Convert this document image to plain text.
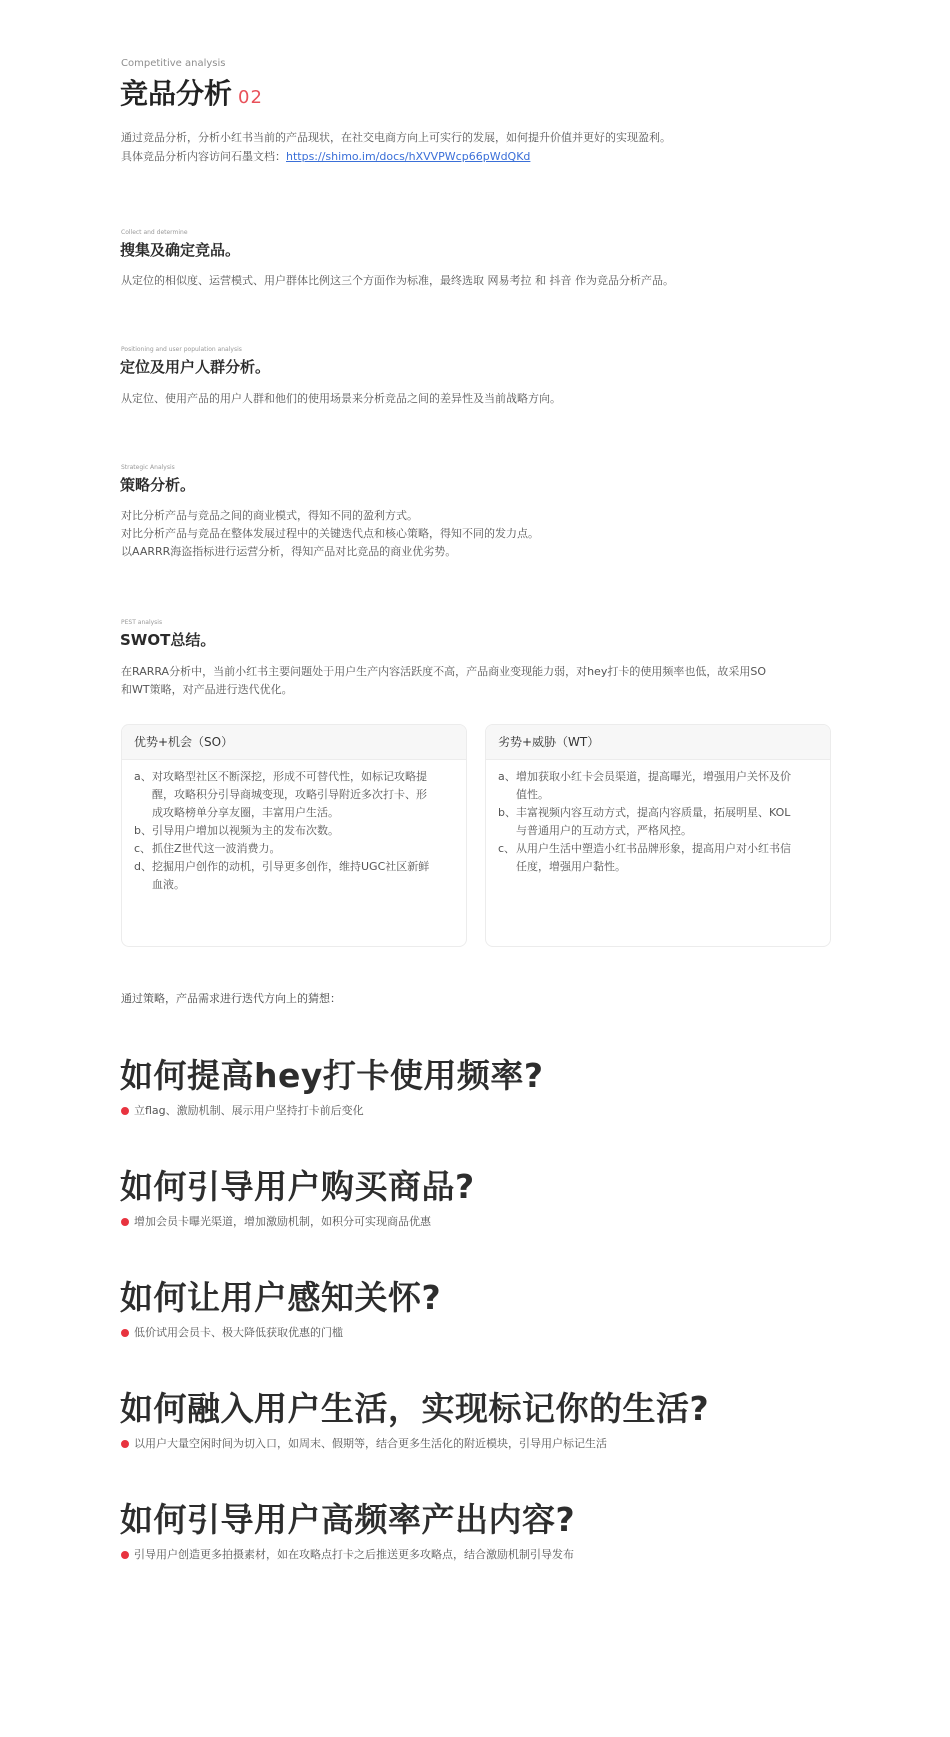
Competitive analysis
竞品分析 02
通过竞品分析，分析小红书当前的产品现状，在社交电商方向上可实行的发展，如何提升价值并更好的实现盈利。
具体竞品分析内容访问石墨文档：https://shimo.im/docs/hXVVPWcp66pWdQKd
Collect and determine
搜集及确定竞品。
从定位的相似度、运营模式、用户群体比例这三个方面作为标准，最终选取 网易考拉 和 抖音 作为竞品分析产品。
Positioning and user population analysis
定位及用户人群分析。
从定位、使用产品的用户人群和他们的使用场景来分析竞品之间的差异性及当前战略方向。
Strategic Analysis
策略分析。
对比分析产品与竞品之间的商业模式，得知不同的盈利方式。
对比分析产品与竞品在整体发展过程中的关键迭代点和核心策略，得知不同的发力点。
以AARRR海盗指标进行运营分析，得知产品对比竞品的商业优劣势。
PEST analysis
SWOT总结。
在RARRA分析中，当前小红书主要问题处于用户生产内容活跃度不高，产品商业变现能力弱，对hey打卡的使用频率也低，故采用SO
和WT策略，对产品进行迭代优化。
优势+机会（SO）
a、 对攻略型社区不断深挖，形成不可替代性，如标记攻略提
醒，攻略积分引导商城变现，攻略引导附近多次打卡、形
成攻略榜单分享友圈，丰富用户生活。
b、 引导用户增加以视频为主的发布次数。
c、 抓住Z世代这一波消费力。
d、 挖掘用户创作的动机，引导更多创作，维持UGC社区新鲜
血液。
劣势+威胁（WT）
a、 增加获取小红卡会员渠道，提高曝光，增强用户关怀及价
值性。
b、 丰富视频内容互动方式，提高内容质量，拓展明星、KOL
与普通用户的互动方式，严格风控。
c、 从用户生活中塑造小红书品牌形象，提高用户对小红书信
任度，增强用户黏性。
通过策略，产品需求进行迭代方向上的猜想：
如何提高hey打卡使用频率?
立flag、激励机制、展示用户坚持打卡前后变化
如何引导用户购买商品?
增加会员卡曝光渠道，增加激励机制，如积分可实现商品优惠
如何让用户感知关怀?
低价试用会员卡、极大降低获取优惠的门槛
如何融入用户生活，实现标记你的生活?
以用户大量空闲时间为切入口，如周末、假期等，结合更多生活化的附近模块，引导用户标记生活
如何引导用户高频率产出内容?
引导用户创造更多拍摄素材，如在攻略点打卡之后推送更多攻略点，结合激励机制引导发布
